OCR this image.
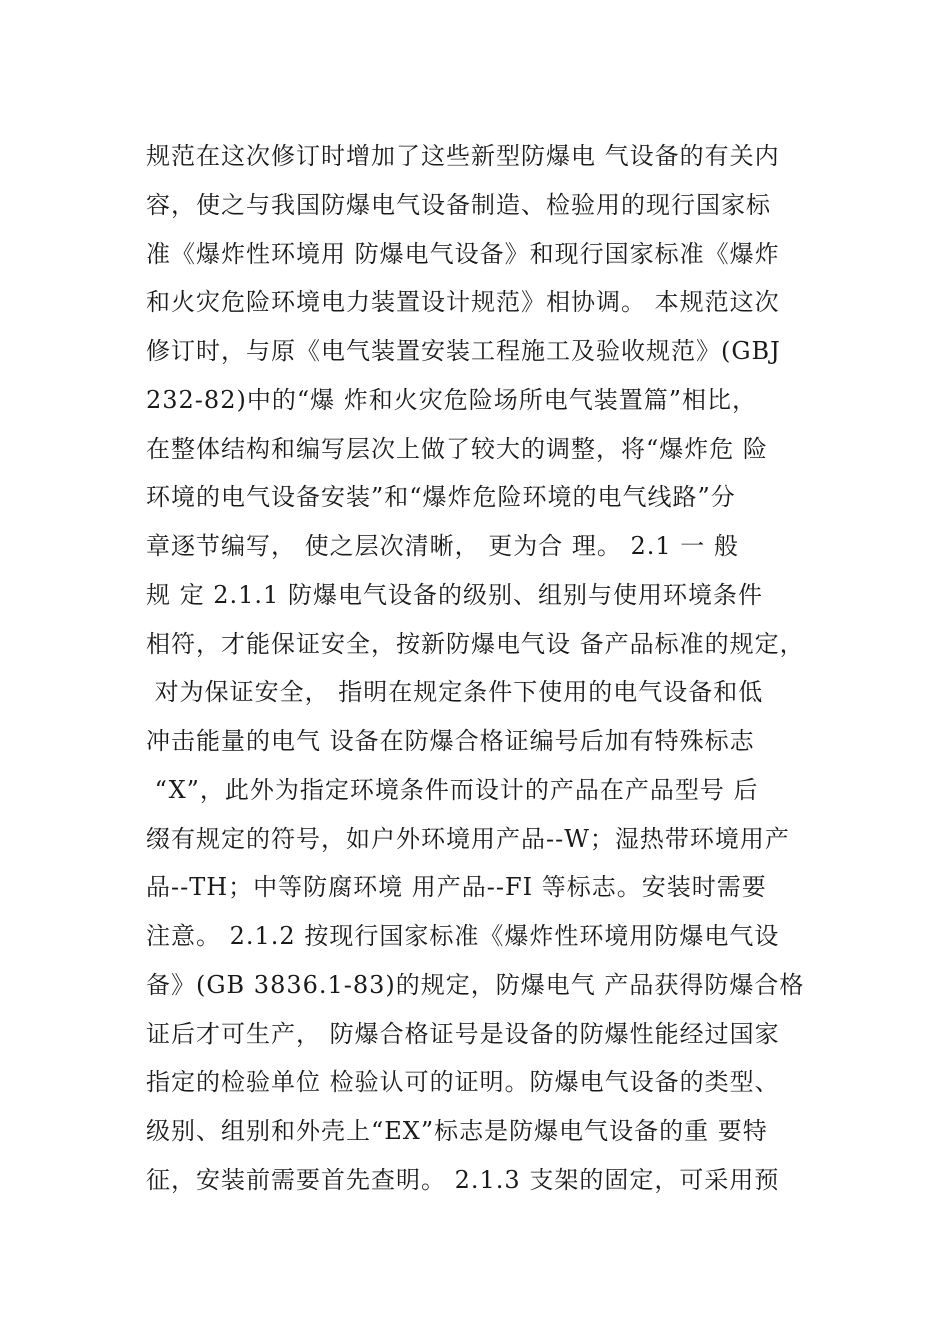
规范在这次修订时增加了这些新型防爆电 气设备的有关内
容，使之与我国防爆电气设备制造、检验用的现行国家标
准《爆炸性环境用 防爆电气设备》和现行国家标准《爆炸
和火灾危险环境电力装置设计规范》相协调。 本规范这次
修订时，与原《电气装置安装工程施工及验收规范》(GBJ
232-82)中的“爆 炸和火灾危险场所电气装置篇”相比，
在整体结构和编写层次上做了较大的调整，将“爆炸危 险
环境的电气设备安装”和“爆炸危险环境的电气线路”分
章逐节编写， 使之层次清晰， 更为合 理。 2.1 一 般
规 定 2.1.1 防爆电气设备的级别、组别与使用环境条件
相符，才能保证安全，按新防爆电气设 备产品标准的规定，
对为保证安全， 指明在规定条件下使用的电气设备和低
冲击能量的电气 设备在防爆合格证编号后加有特殊标志
“X”，此外为指定环境条件而设计的产品在产品型号 后
缀有规定的符号，如户外环境用产品--W；湿热带环境用产
品--TH；中等防腐环境 用产品--FI 等标志。安装时需要
注意。 2.1.2 按现行国家标准《爆炸性环境用防爆电气设
备》(GB 3836.1-83)的规定，防爆电气 产品获得防爆合格
证后才可生产， 防爆合格证号是设备的防爆性能经过国家
指定的检验单位 检验认可的证明。防爆电气设备的类型、
级别、组别和外壳上“EX”标志是防爆电气设备的重 要特
征，安装前需要首先查明。 2.1.3 支架的固定，可采用预
